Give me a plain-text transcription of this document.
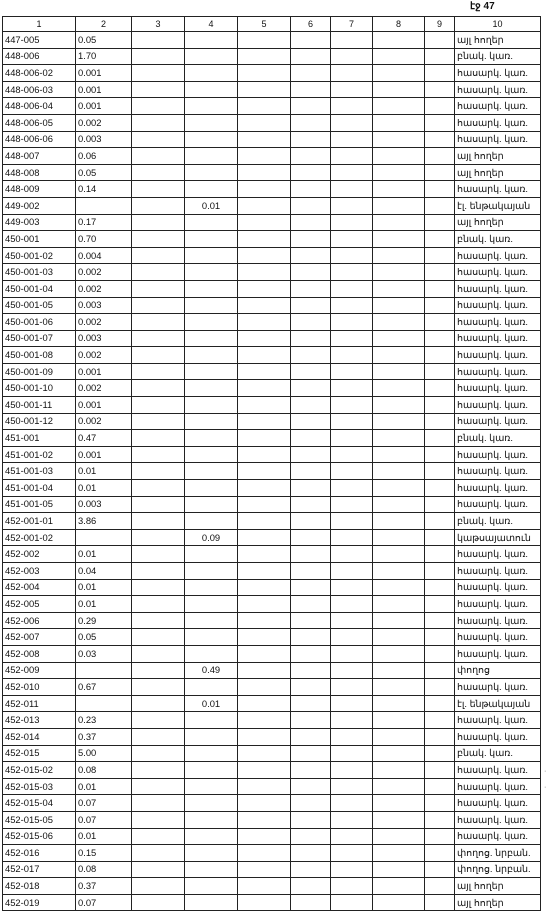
էջ 47
1	2	3	4	5	6	7	8	9	10
447-005	0.05								այլ հողեր
448-006	1.70								բնակ. կառ.
448-006-02	0.001								հասարկ. կառ.
448-006-03	0.001								հասարկ. կառ.
448-006-04	0.001								հասարկ. կառ.
448-006-05	0.002								հասարկ. կառ.
448-006-06	0.003								հասարկ. կառ.
448-007	0.06								այլ հողեր
448-008	0.05								այլ հողեր
448-009	0.14								հասարկ. կառ.
449-002			0.01						էլ. ենթակայան
449-003	0.17								այլ հողեր
450-001	0.70								բնակ. կառ.
450-001-02	0.004								հասարկ. կառ.
450-001-03	0.002								հասարկ. կառ.
450-001-04	0.002								հասարկ. կառ.
450-001-05	0.003								հասարկ. կառ.
450-001-06	0.002								հասարկ. կառ.
450-001-07	0.003								հասարկ. կառ.
450-001-08	0.002								հասարկ. կառ.
450-001-09	0.001								հասարկ. կառ.
450-001-10	0.002								հասարկ. կառ.
450-001-11	0.001								հասարկ. կառ.
450-001-12	0.002								հասարկ. կառ.
451-001	0.47								բնակ. կառ.
451-001-02	0.001								հասարկ. կառ.
451-001-03	0.01								հասարկ. կառ.
451-001-04	0.01								հասարկ. կառ.
451-001-05	0.003								հասարկ. կառ.
452-001-01	3.86								բնակ. կառ.
452-001-02			0.09						կաթսայատուն
452-002	0.01								հասարկ. կառ.
452-003	0.04								հասարկ. կառ.
452-004	0.01								հասարկ. կառ.
452-005	0.01								հասարկ. կառ.
452-006	0.29								հասարկ. կառ.
452-007	0.05								հասարկ. կառ.
452-008	0.03								հասարկ. կառ.
452-009			0.49						փողոց
452-010	0.67								հասարկ. կառ.
452-011			0.01						էլ. ենթակայան
452-013	0.23								հասարկ. կառ.
452-014	0.37								հասարկ. կառ.
452-015	5.00								բնակ. կառ.
452-015-02	0.08								հասարկ. կառ.
452-015-03	0.01								հասարկ. կառ.
452-015-04	0.07								հասարկ. կառ.
452-015-05	0.07								հասարկ. կառ.
452-015-06	0.01								հասարկ. կառ.
452-016	0.15								փողոց. նրբան.
452-017	0.08								փողոց. նրբան.
452-018	0.37								այլ հողեր
452-019	0.07								այլ հողեր
·
·
